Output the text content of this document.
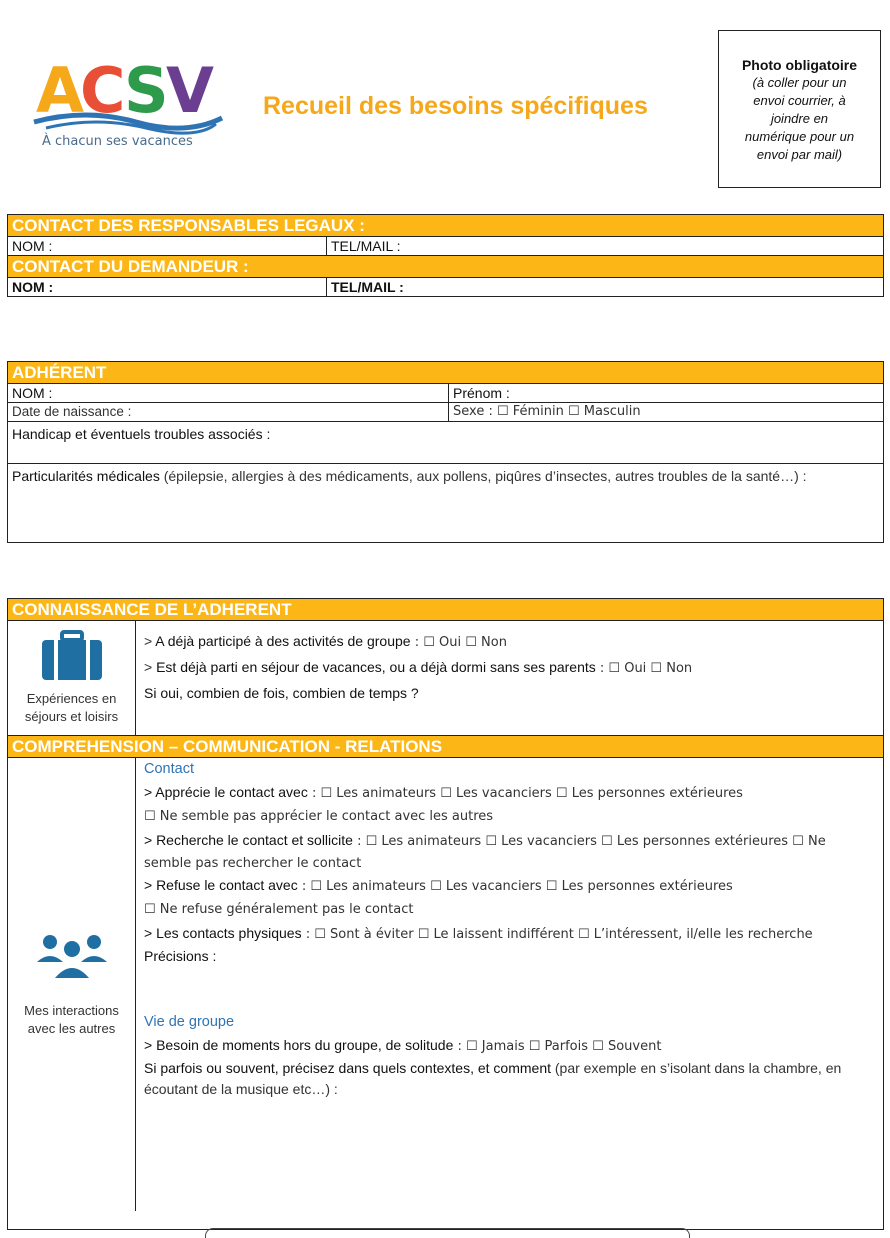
A
C
S
V
À chacun ses vacances
Recueil des besoins spécifiques
Photo obligatoire
(à coller pour un
envoi courrier, à
joindre en
numérique pour un
envoi par mail)
CONTACT DES RESPONSABLES LEGAUX :
NOM :	TEL/MAIL :
CONTACT DU DEMANDEUR :
NOM :	TEL/MAIL :
ADHÉRENT
NOM :	Prénom :
Date de naissance :	Sexe : ☐ Féminin ☐ Masculin
Handicap et éventuels troubles associés :
Particularités médicales (épilepsie, allergies à des médicaments, aux pollens, piqûres d’insectes, autres troubles de la santé…) :
CONNAISSANCE DE L’ADHERENT
Expériences en séjours et loisirs

> A déjà participé à des activités de groupe : ☐ Oui ☐ Non

> Est déjà parti en séjour de vacances, ou a déjà dormi sans ses parents : ☐ Oui ☐ Non

Si oui, combien de fois, combien de temps ?

COMPREHENSION – COMMUNICATION - RELATIONS
Mes interactions avec les autres

Contact

> Apprécie le contact avec : ☐ Les animateurs ☐ Les vacanciers ☐ Les personnes extérieures

☐ Ne semble pas apprécier le contact avec les autres

> Recherche le contact et sollicite : ☐ Les animateurs ☐ Les vacanciers ☐ Les personnes extérieures ☐ Ne semble pas rechercher le contact

> Refuse le contact avec : ☐ Les animateurs ☐ Les vacanciers ☐ Les personnes extérieures

☐ Ne refuse généralement pas le contact

> Les contacts physiques : ☐ Sont à éviter ☐ Le laissent indifférent ☐ L’intéressent, il/elle les recherche

Précisions :

Vie de groupe

> Besoin de moments hors du groupe, de solitude : ☐ Jamais ☐ Parfois ☐ Souvent

Si parfois ou souvent, précisez dans quels contextes, et comment (par exemple en s’isolant dans la chambre, en écoutant de la musique etc…) :
